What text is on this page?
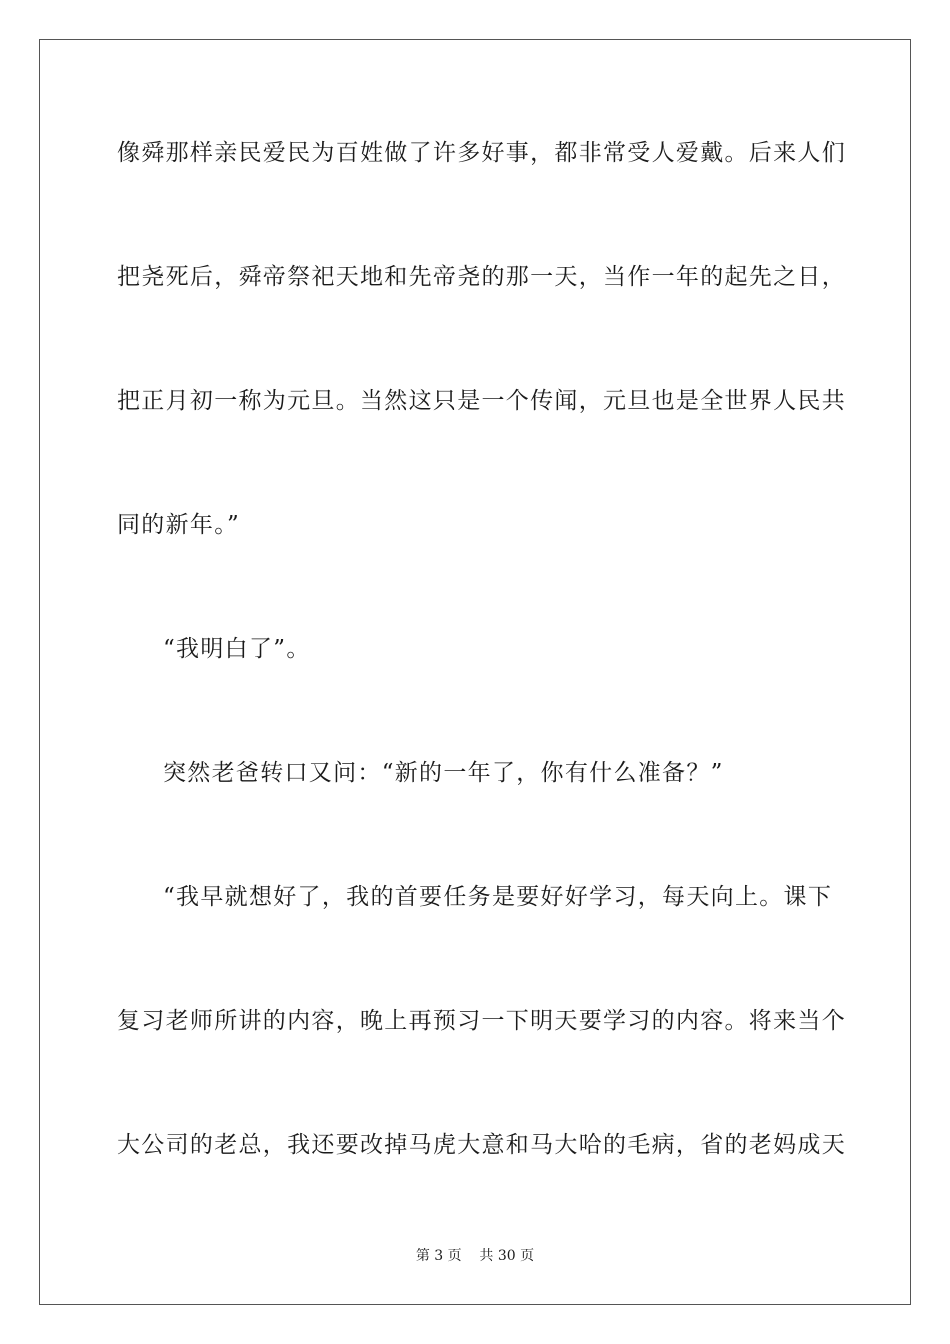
像舜那样亲民爱民为百姓做了许多好事，都非常受人爱戴。后来人们
把尧死后，舜帝祭祀天地和先帝尧的那一天，当作一年的起先之日，
把正月初一称为元旦。当然这只是一个传闻，元旦也是全世界人民共
同的新年。”
“我明白了”。
突然老爸转口又问：“新的一年了，你有什么准备？”
“我早就想好了，我的首要任务是要好好学习，每天向上。课下
复习老师所讲的内容，晚上再预习一下明天要学习的内容。将来当个
大公司的老总，我还要改掉马虎大意和马大哈的毛病，省的老妈成天
第 3 页    共 30 页
